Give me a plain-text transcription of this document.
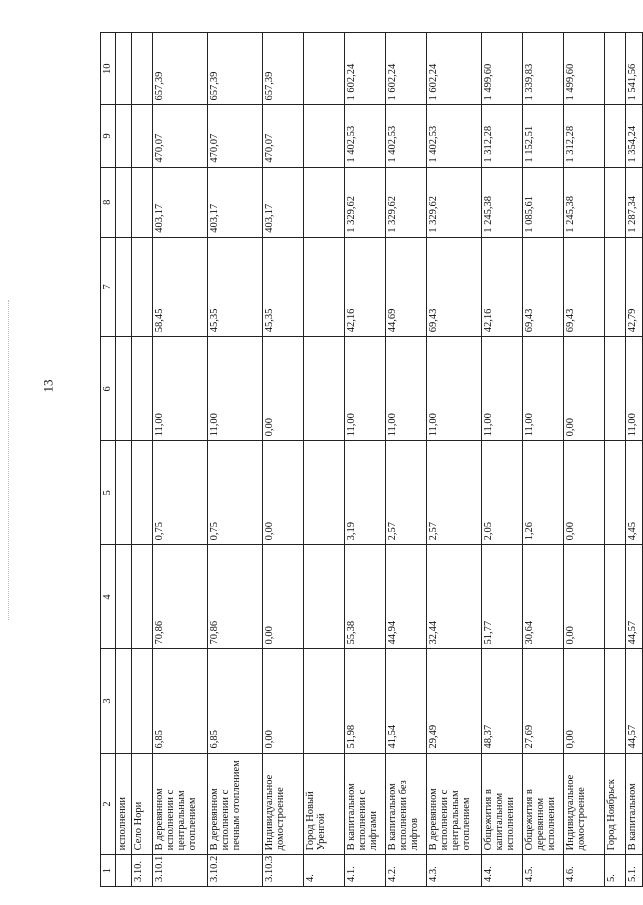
13
1	2	3	4	5	6	7	8	9	10
	исполнении								
3.10.	Село Нори								
3.10.1.	В деревянном исполнении с центральным отоплением	6,85	70,86	0,75	11,00	58,45	403,17	470,07	657,39
3.10.2.	В деревянном исполнении с печным отоплением	6,85	70,86	0,75	11,00	45,35	403,17	470,07	657,39
3.10.3.	Индивидуальное домостроение	0,00	0,00	0,00	0,00	45,35	403,17	470,07	657,39
4.	Город Новый Уренгой								
4.1.	В капитальном исполнении с лифтами	51,98	55,38	3,19	11,00	42,16	1 329,62	1 402,53	1 602,24
4.2.	В капитальном исполнении без лифтов	41,54	44,94	2,57	11,00	44,69	1 329,62	1 402,53	1 602,24
4.3.	В деревянном исполнении с центральным отоплением	29,49	32,44	2,57	11,00	69,43	1 329,62	1 402,53	1 602,24
4.4.	Общежития в капитальном исполнении	48,37	51,77	2,05	11,00	42,16	1 245,38	1 312,28	1 499,60
4.5.	Общежития в деревянном исполнении	27,69	30,64	1,26	11,00	69,43	1 085,61	1 152,51	1 339,83
4.6.	Индивидуальное домостроение	0,00	0,00	0,00	0,00	69,43	1 245,38	1 312,28	1 499,60
5.	Город Ноябрьск								
5.1.	В капитальном	44,57	44,57	4,45	11,00	42,79	1 287,34	1 354,24	1 541,56
